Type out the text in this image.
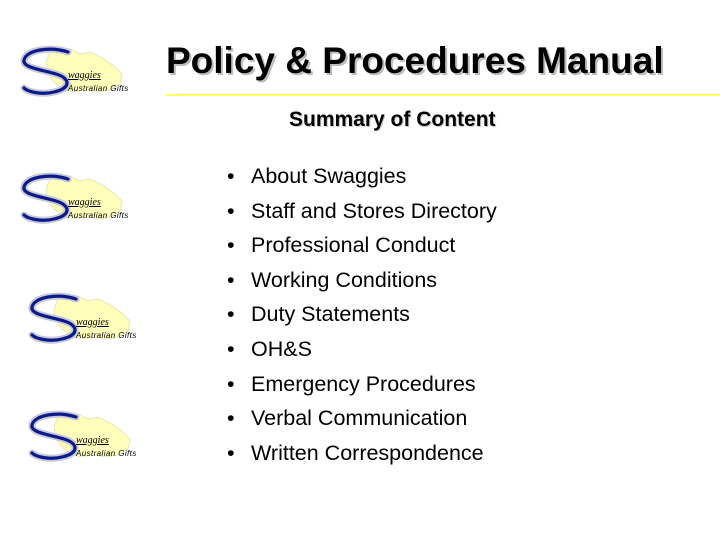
waggies
Australian Gifts
waggies
Australian Gifts
waggies
Australian Gifts
waggies
Australian Gifts
Policy & Procedures Manual
Summary of Content
• About Swaggies
• Staff and Stores Directory
• Professional Conduct
• Working Conditions
• Duty Statements
• OH&S
• Emergency Procedures
• Verbal Communication
• Written Correspondence
